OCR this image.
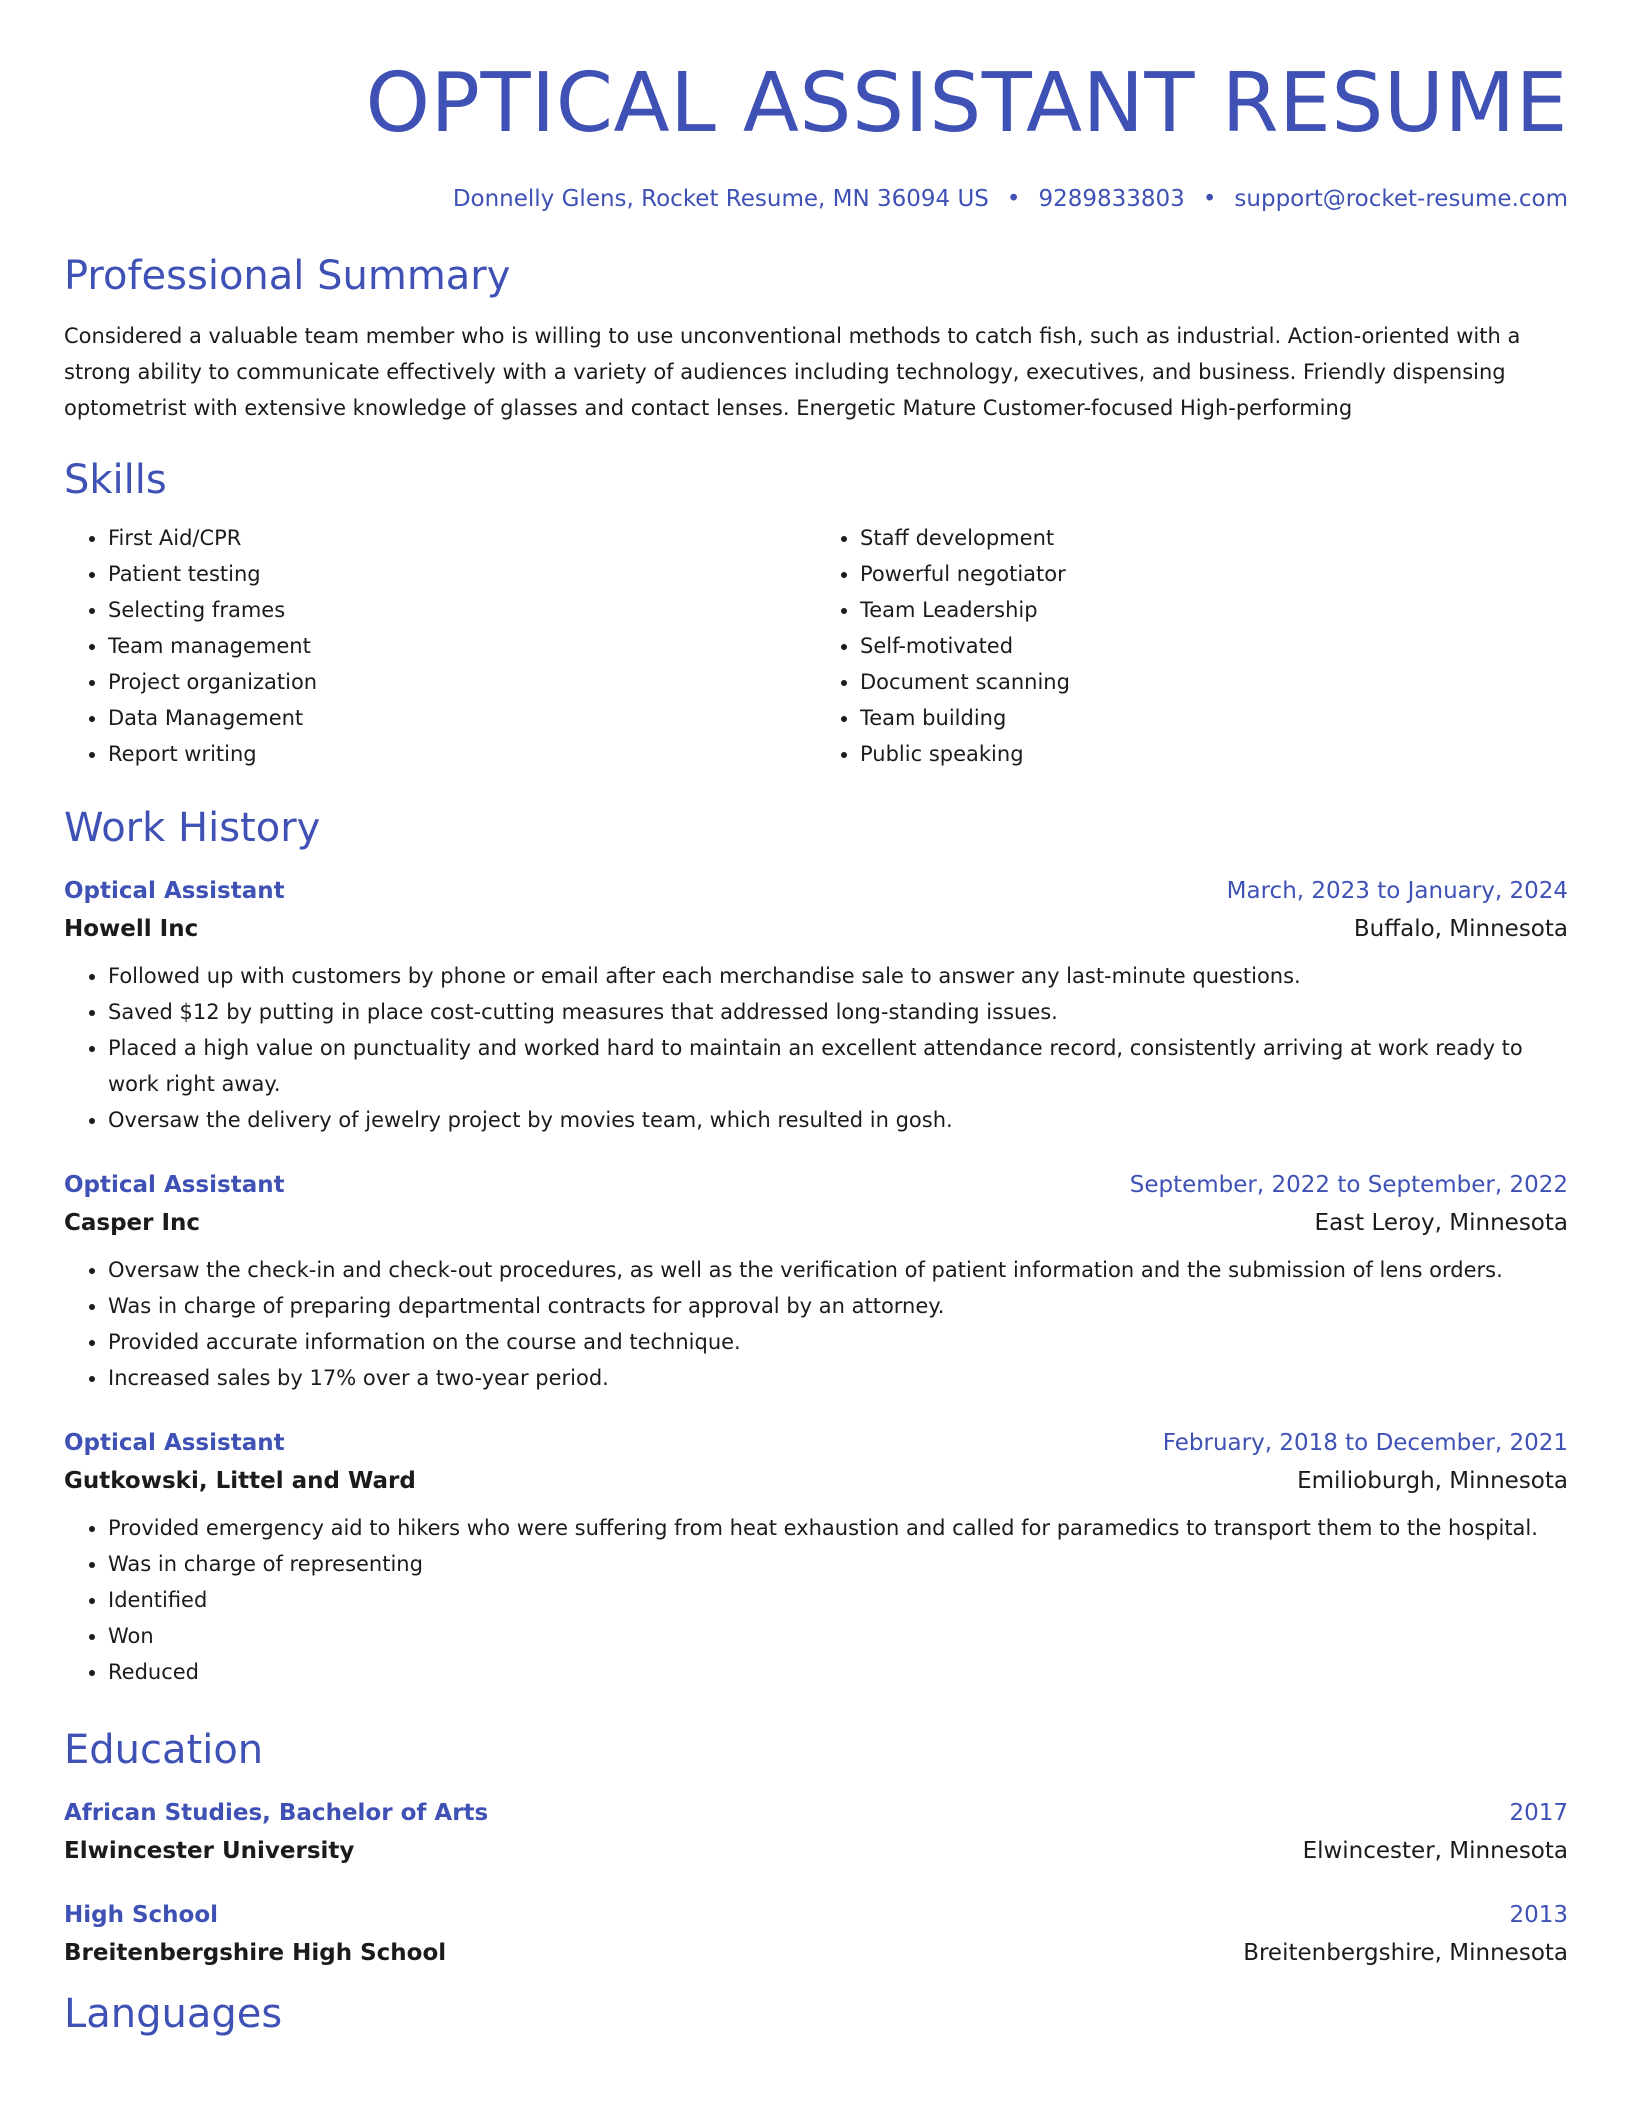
OPTICAL ASSISTANT RESUME
Donnelly Glens, Rocket Resume, MN 36094 US • 9289833803 • support@rocket-resume.com
Professional Summary
Considered a valuable team member who is willing to use unconventional methods to catch fish, such as industrial. Action-oriented with a strong ability to communicate effectively with a variety of audiences including technology, executives, and business. Friendly dispensing optometrist with extensive knowledge of glasses and contact lenses. Energetic Mature Customer-focused High-performing
Skills
• First Aid/CPR
• Patient testing
• Selecting frames
• Team management
• Project organization
• Data Management
• Report writing
• Staff development
• Powerful negotiator
• Team Leadership
• Self-motivated
• Document scanning
• Team building
• Public speaking
Work History
Optical Assistant	March, 2023 to January, 2024
Howell Inc	Buffalo, Minnesota
• Followed up with customers by phone or email after each merchandise sale to answer any last-minute questions.
• Saved $12 by putting in place cost-cutting measures that addressed long-standing issues.
• Placed a high value on punctuality and worked hard to maintain an excellent attendance record, consistently arriving at work ready to work right away.
• Oversaw the delivery of jewelry project by movies team, which resulted in gosh.
Optical Assistant	September, 2022 to September, 2022
Casper Inc	East Leroy, Minnesota
• Oversaw the check-in and check-out procedures, as well as the verification of patient information and the submission of lens orders.
• Was in charge of preparing departmental contracts for approval by an attorney.
• Provided accurate information on the course and technique.
• Increased sales by 17% over a two-year period.
Optical Assistant	February, 2018 to December, 2021
Gutkowski, Littel and Ward	Emilioburgh, Minnesota
• Provided emergency aid to hikers who were suffering from heat exhaustion and called for paramedics to transport them to the hospital.
• Was in charge of representing
• Identified
• Won
• Reduced
Education
African Studies, Bachelor of Arts	2017
Elwincester University	Elwincester, Minnesota
High School	2013
Breitenbergshire High School	Breitenbergshire, Minnesota
Languages
